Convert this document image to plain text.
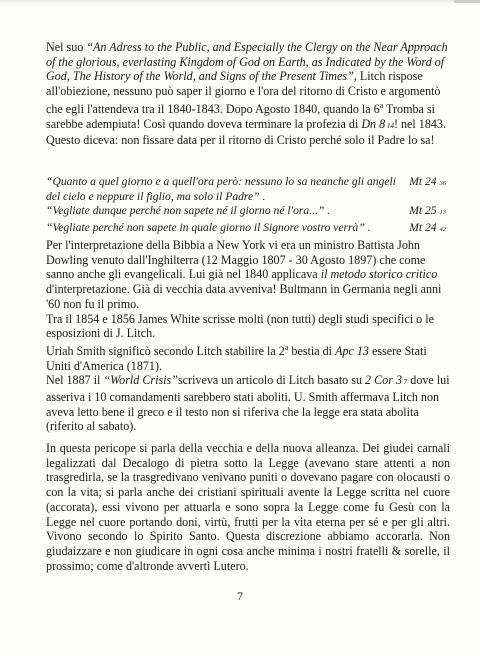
Nel suo “An Adress to the Public, and Especially the Clergy on the Near Approach of the glorious, everlasting Kingdom of God on Earth, as Indicated by the Word of God, The History of the World, and Signs of the Present Times”, Litch rispose all'obiezione, nessuno può saper il giorno e l'ora del ritorno di Cristo e argomentò che egli l'attendeva tra il 1840-1843. Dopo Agosto 1840, quando la 6$^a$ Tromba si sarebbe adempiuta! Così quando doveva terminare la profezia di Dn 8 14! nel 1843. Questo diceva: non fissare data per il ritorno di Cristo perché solo il Padre lo sa!
“Quanto a quel giorno e a quell'ora però: nessuno lo sa neanche gli angeli del cielo e neppure il figlio, ma solo il Padre” .
Mt 24 36
“Vegliate dunque perché non sapete né il giorno né l'ora...” .	Mt 25 13
“Vegliate perché non sapete in quale giorno il Signore vostro verrà” .	Mt 24 42
Per l'interpretazione della Bibbia a New York vi era un ministro Battista John Dowling venuto dall'Inghilterra (12 Maggio 1807 - 30 Agosto 1897) che come sanno anche gli evangelicali. Lui già nel 1840 applicava il metodo storico critico d'interpretazione. Già di vecchia data avveniva! Bultmann in Germania negli anni '60 non fu il primo.
Tra il 1854 e 1856 James White scrisse molti (non tutti) degli studi specifici o le esposizioni di J. Litch.
Uriah Smith significò secondo Litch stabilire la 2$^a$ bestia di Apc 13 essere Stati Uniti d'America (1871).
Nel 1887 il “World Crisis”scriveva un articolo di Litch basato su 2 Cor 3 7 dove lui asseriva i 10 comandamenti sarebbero stati aboliti. U. Smith affermava Litch non aveva letto bene il greco e il testo non si riferiva che la legge era stata abolita (riferito al sabato).
In questa pericope si parla della vecchia e della nuova alleanza. Dei giudei carnali legalizzati dal Decalogo di pietra sotto la Legge (avevano stare attenti a non trasgredirla, se la trasgredivano venivano puniti o dovevano pagare con olocausti o con la vita; si parla anche dei cristiani spirituali avente la Legge scritta nel cuore (accorata), essi vivono per attuarla e sono sopra la Legge come fu Gesù con la Legge nel cuore portando doni, virtù, frutti per la vita eterna per sé e per gli altri. Vivono secondo lo Spirito Santo. Questa discrezione abbiamo accorarla. Non giudaizzare e non giudicare in ogni cosa anche minima i nostri fratelli & sorelle, il prossimo; come d'altronde avvertì Lutero.
7
